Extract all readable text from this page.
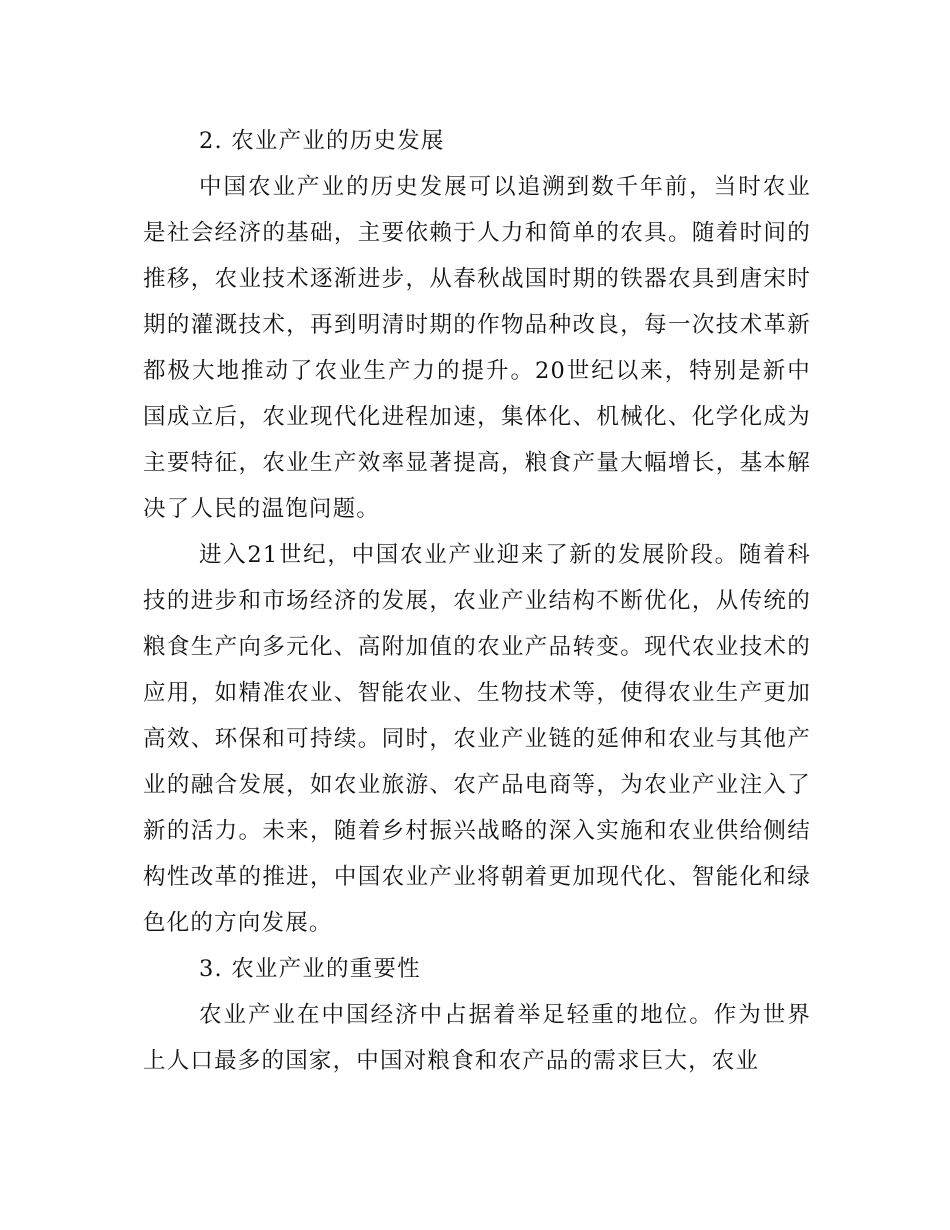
2. 农业产业的历史发展

中国农业产业的历史发展可以追溯到数千年前，当时农业是社会经济的基础，主要依赖于人力和简单的农具。随着时间的推移，农业技术逐渐进步，从春秋战国时期的铁器农具到唐宋时期的灌溉技术，再到明清时期的作物品种改良，每一次技术革新都极大地推动了农业生产力的提升。20世纪以来，特别是新中国成立后，农业现代化进程加速，集体化、机械化、化学化成为主要特征，农业生产效率显著提高，粮食产量大幅增长，基本解决了人民的温饱问题。

进入21世纪，中国农业产业迎来了新的发展阶段。随着科技的进步和市场经济的发展，农业产业结构不断优化，从传统的粮食生产向多元化、高附加值的农业产品转变。现代农业技术的应用，如精准农业、智能农业、生物技术等，使得农业生产更加高效、环保和可持续。同时，农业产业链的延伸和农业与其他产业的融合发展，如农业旅游、农产品电商等，为农业产业注入了新的活力。未来，随着乡村振兴战略的深入实施和农业供给侧结构性改革的推进，中国农业产业将朝着更加现代化、智能化和绿色化的方向发展。

3. 农业产业的重要性

农业产业在中国经济中占据着举足轻重的地位。作为世界上人口最多的国家，中国对粮食和农产品的需求巨大，农业
